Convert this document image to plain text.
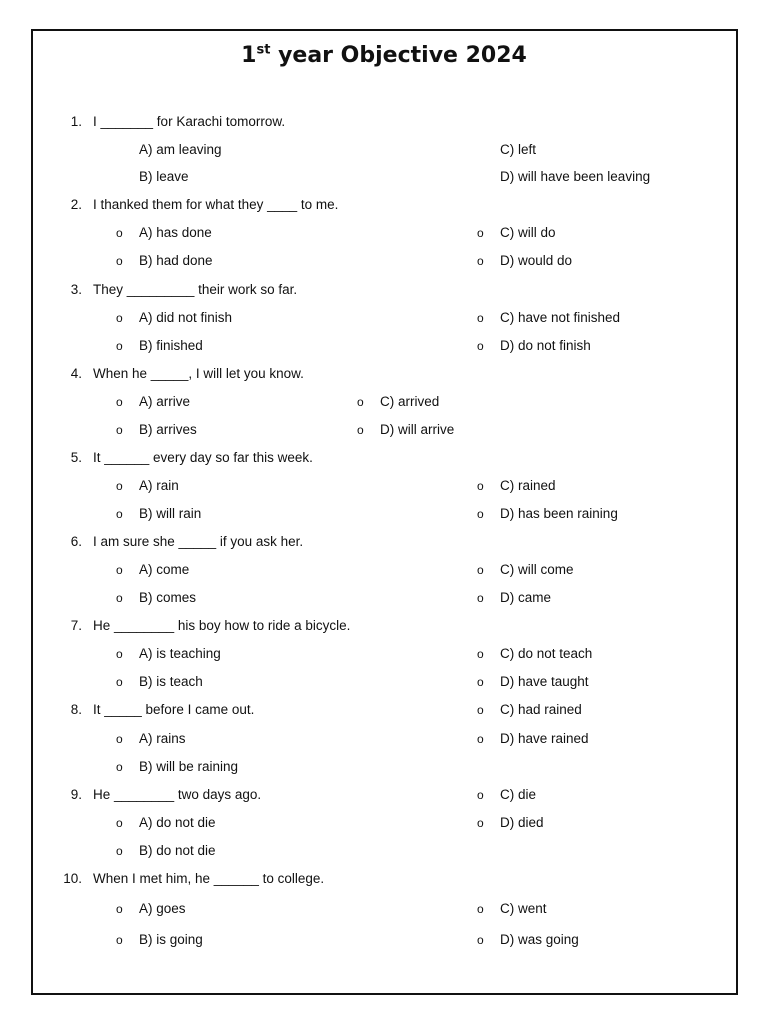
1st year Objective 2024
1. I _______ for Karachi tomorrow.
A) am leaving
B) leave
C) left
D) will have been leaving
2. I thanked them for what they ____ to me.
o A) has done
o B) had done
o C) will do
o D) would do
3. They _________ their work so far.
o A) did not finish
o B) finished
o C) have not finished
o D) do not finish
4. When he _____, I will let you know.
o A) arrive
o B) arrives
o C) arrived
o D) will arrive
5. It ______ every day so far this week.
o A) rain
o B) will rain
o C) rained
o D) has been raining
6. I am sure she _____ if you ask her.
o A) come
o B) comes
o C) will come
o D) came
7. He ________ his boy how to ride a bicycle.
o A) is teaching
o B) is teach
o C) do not teach
o D) have taught
8. It _____ before I came out.
o A) rains
o B) will be raining
o C) had rained
o D) have rained
9. He ________ two days ago.
o A) do not die
o B) do not die
o C) die
o D) died
10. When I met him, he ______ to college.
o A) goes
o B) is going
o C) went
o D) was going
